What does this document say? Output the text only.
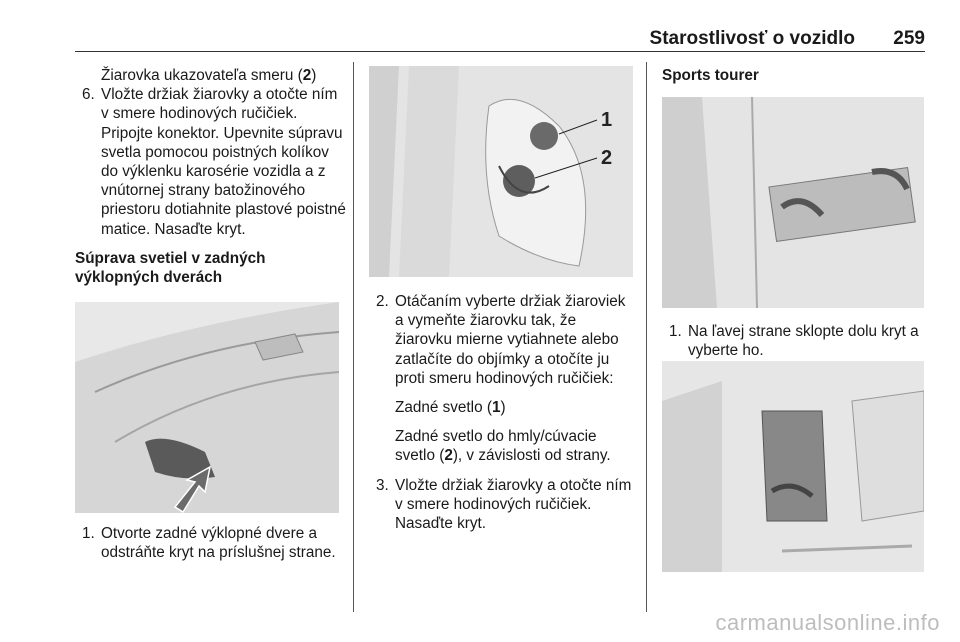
Starostlivosť o vozidlo 259

Žiarovka ukazovateľa smeru (2)

6. Vložte držiak žiarovky a otočte ním v smere hodinových ručičiek. Pripojte konektor. Upevnite súpravu svetla pomocou poistných kolíkov do výklenku karosérie vozidla a z vnútornej strany batožinového priestoru dotiahnite plastové poistné matice. Nasaďte kryt.

Súprava svetiel v zadných výklopných dverách

1. Otvorte zadné výklopné dvere a odstráňte kryt na príslušnej strane.
1
2
2. Otáčaním vyberte držiak žiaroviek a vymeňte žiarovku tak, že žiarovku mierne vytiahnete alebo zatlačíte do objímky a otočíte ju proti smeru hodinových ručičiek:

Zadné svetlo (1)

Zadné svetlo do hmly/cúvacie svetlo (2), v závislosti od strany.

3. Vložte držiak žiarovky a otočte ním v smere hodinových ručičiek. Nasaďte kryt.

Sports tourer

1. Na ľavej strane sklopte dolu kryt a vyberte ho.
carmanualsonline.info
